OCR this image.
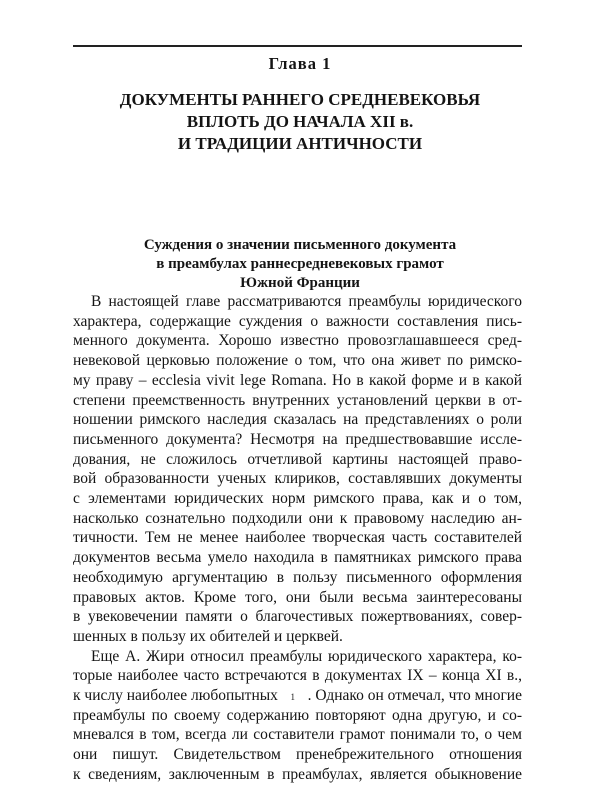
Глава 1
ДОКУМЕНТЫ РАННЕГО СРЕДНЕВЕКОВЬЯ
ВПЛОТЬ ДО НАЧАЛА XII в.
И ТРАДИЦИИ АНТИЧНОСТИ
Суждения о значении письменного документа
в преамбулах раннесредневековых грамот
Южной Франции
В настоящей главе рассматриваются преамбулы юридического
характера, содержащие суждения о важности составления пись-
менного документа. Хорошо известно провозглашавшееся сред-
невековой церковью положение о том, что она живет по римско-
му праву – ecclesia vivit lege Romana. Но в какой форме и в какой
степени преемственность внутренних установлений церкви в от-
ношении римского наследия сказалась на представлениях о роли
письменного документа? Несмотря на предшествовавшие иссле-
дования, не сложилось отчетливой картины настоящей право-
вой образованности ученых клириков, составлявших документы
с элементами юридических норм римского права, как и о том,
насколько сознательно подходили они к правовому наследию ан-
тичности. Тем не менее наиболее творческая часть составителей
документов весьма умело находила в памятниках римского права
необходимую аргументацию в пользу письменного оформления
правовых актов. Кроме того, они были весьма заинтересованы
в увековечении памяти о благочестивых пожертвованиях, совер-
шенных в пользу их обителей и церквей.
Еще А. Жири относил преамбулы юридического характера, ко-
торые наиболее часто встречаются в документах IX – конца XI в.,
к числу наиболее любопытных 1 . Однако он отмечал, что многие
преамбулы по своему содержанию повторяют одна другую, и со-
мневался в том, всегда ли составители грамот понимали то, о чем
они пишут. Свидетельством пренебрежительного отношения
к сведениям, заключенным в преамбулах, является обыкновение
